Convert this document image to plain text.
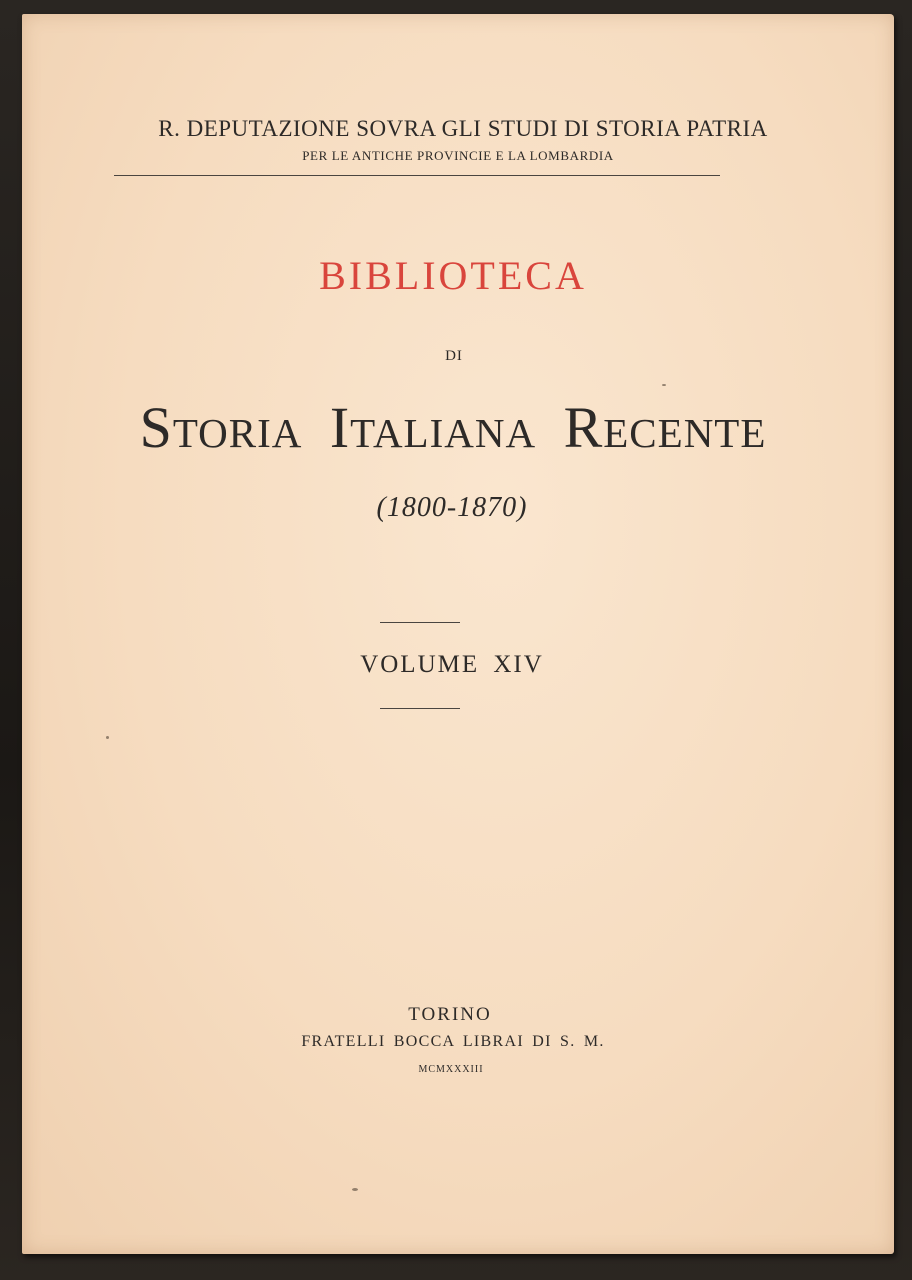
R. DEPUTAZIONE SOVRA GLI STUDI DI STORIA PATRIA
PER LE ANTICHE PROVINCIE E LA LOMBARDIA
BIBLIOTECA
DI
Storia Italiana Recente
(1800-1870)
VOLUME XIV
TORINO
FRATELLI BOCCA LIBRAI DI S. M.
MCMXXXIII
